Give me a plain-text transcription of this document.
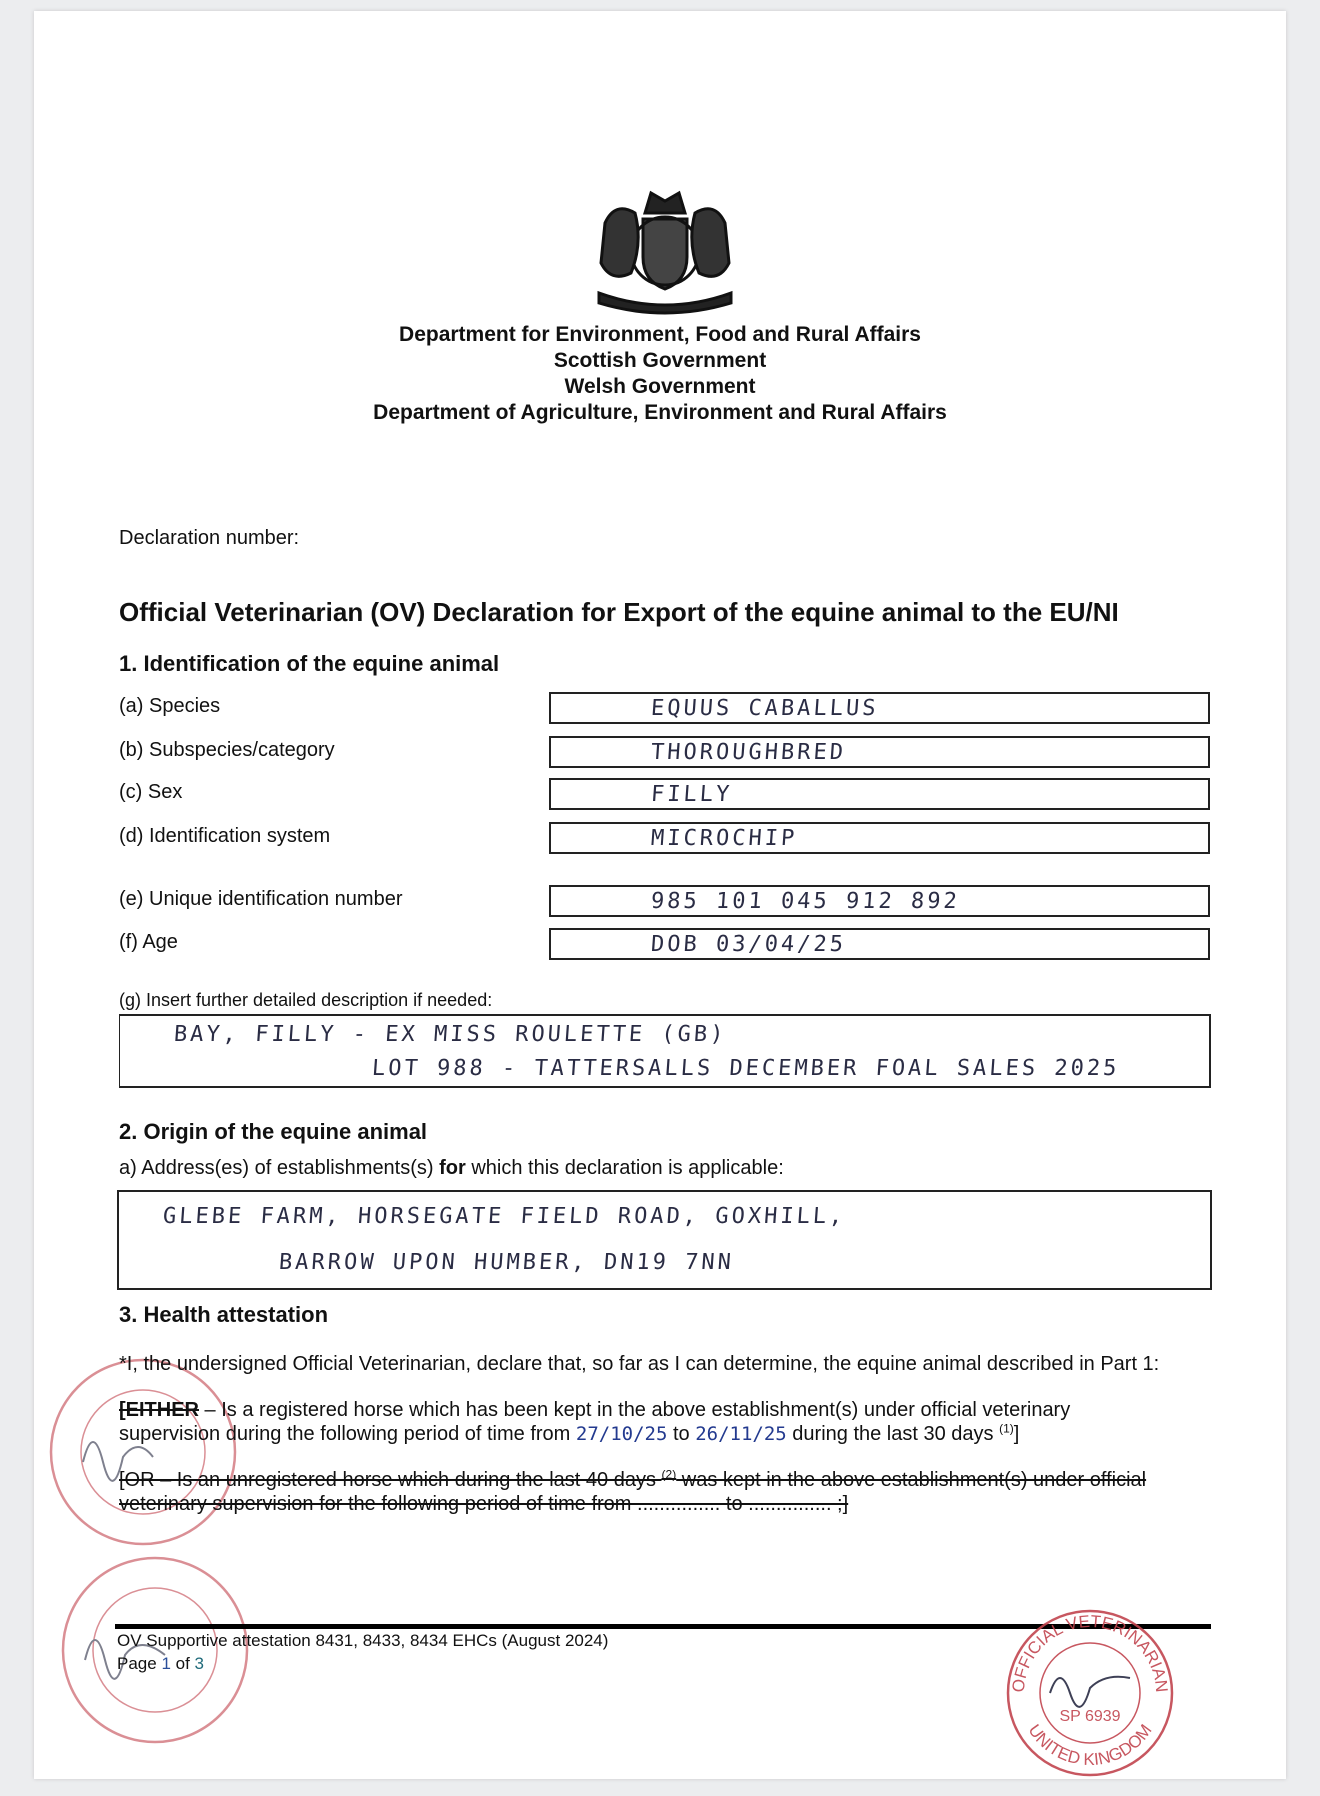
Department for Environment, Food and Rural Affairs
Scottish Government
Welsh Government
Department of Agriculture, Environment and Rural Affairs
Declaration number:
Official Veterinarian (OV) Declaration for Export of the equine animal to the EU/NI
1. Identification of the equine animal
(a) Species	EQUUS CABALLUS
(b) Subspecies/category	THOROUGHBRED
(c) Sex	FILLY
(d) Identification system	MICROCHIP
(e) Unique identification number	985 101 045 912 892
(f) Age	DOB 03/04/25
(g) Insert further detailed description if needed:
BAY, FILLY - EX MISS ROULETTE (GB)
LOT 988 - TATTERSALLS DECEMBER FOAL SALES 2025
2. Origin of the equine animal
a) Address(es) of establishments(s) for which this declaration is applicable:
GLEBE FARM, HORSEGATE FIELD ROAD, GOXHILL,
BARROW UPON HUMBER, DN19 7NN
3. Health attestation

*I, the undersigned Official Veterinarian, declare that, so far as I can determine, the equine animal described in Part 1:

[EITHER – Is a registered horse which has been kept in the above establishment(s) under official veterinary
supervision during the following period of time from 27/10/25 to 26/11/25 during the last 30 days $^{(1)}$]

[OR – Is an unregistered horse which during the last 40 days $^{(2)}$ was kept in the above establishment(s) under official veterinary supervision for the following period of time from ............... to ............... ;]

OV Supportive attestation 8431, 8433, 8434 EHCs (August 2024)
Page 1 of 3
OFFICIAL VETERINARIAN
UNITED KINGDOM
SP 6939
